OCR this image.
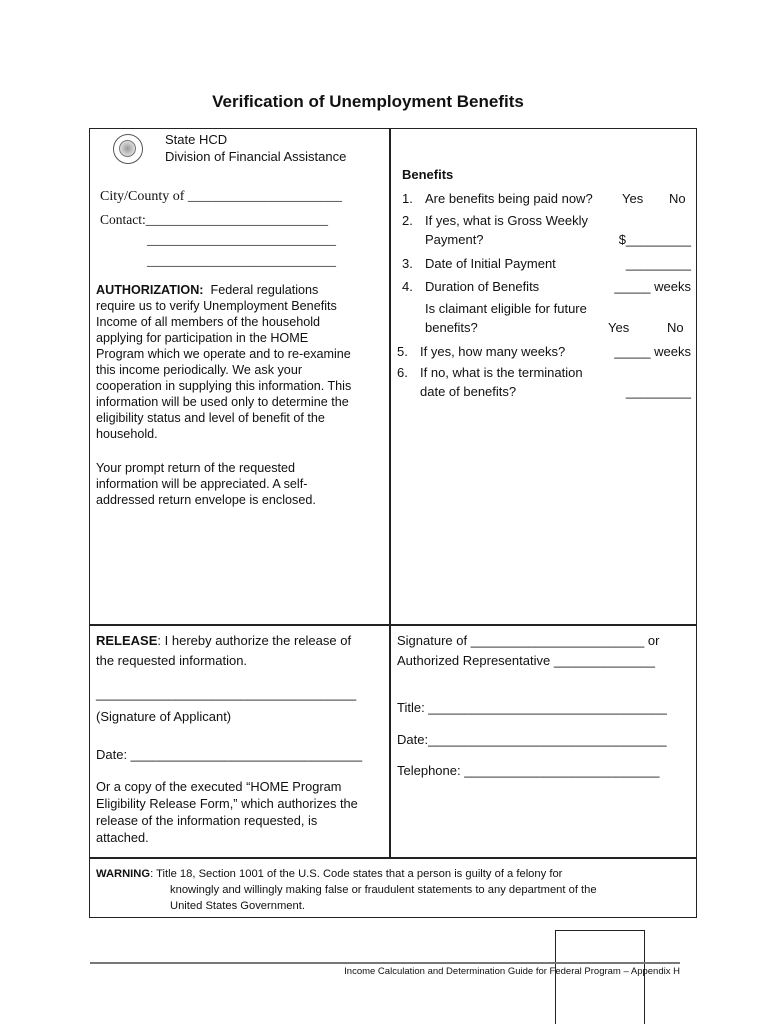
Verification of Unemployment Benefits
State HCD
Division of Financial Assistance
City/County of ______________________
Contact:___________________________
____________________________
____________________________
AUTHORIZATION: Federal regulations
require us to verify Unemployment Benefits
Income of all members of the household
applying for participation in the HOME
Program which we operate and to re-examine
this income periodically. We ask your
cooperation in supplying this information. This
information will be used only to determine the
eligibility status and level of benefit of the
household.
Your prompt return of the requested
information will be appreciated. A self-
addressed return envelope is enclosed.
Benefits
1. Are benefits being paid now? Yes No
2. If yes, what is Gross Weekly
Payment?	$_________
3. Date of Initial Payment	_________
4. Duration of Benefits	_____ weeks
Is claimant eligible for future
benefits?	Yes	No
5. If yes, how many weeks?	_____ weeks
6. If no, what is the termination
date of benefits?	_________
RELEASE: I hereby authorize the release of
the requested information.
____________________________________
(Signature of Applicant)
Date: ________________________________
Or a copy of the executed “HOME Program
Eligibility Release Form,” which authorizes the
release of the information requested, is
attached.
Signature of ________________________ or
Authorized Representative ______________
Title: _________________________________
Date:_________________________________
Telephone: ___________________________
WARNING: Title 18, Section 1001 of the U.S. Code states that a person is guilty of a felony for
knowingly and willingly making false or fraudulent statements to any department of the
United States Government.
Income Calculation and Determination Guide for Federal Program – Appendix H
